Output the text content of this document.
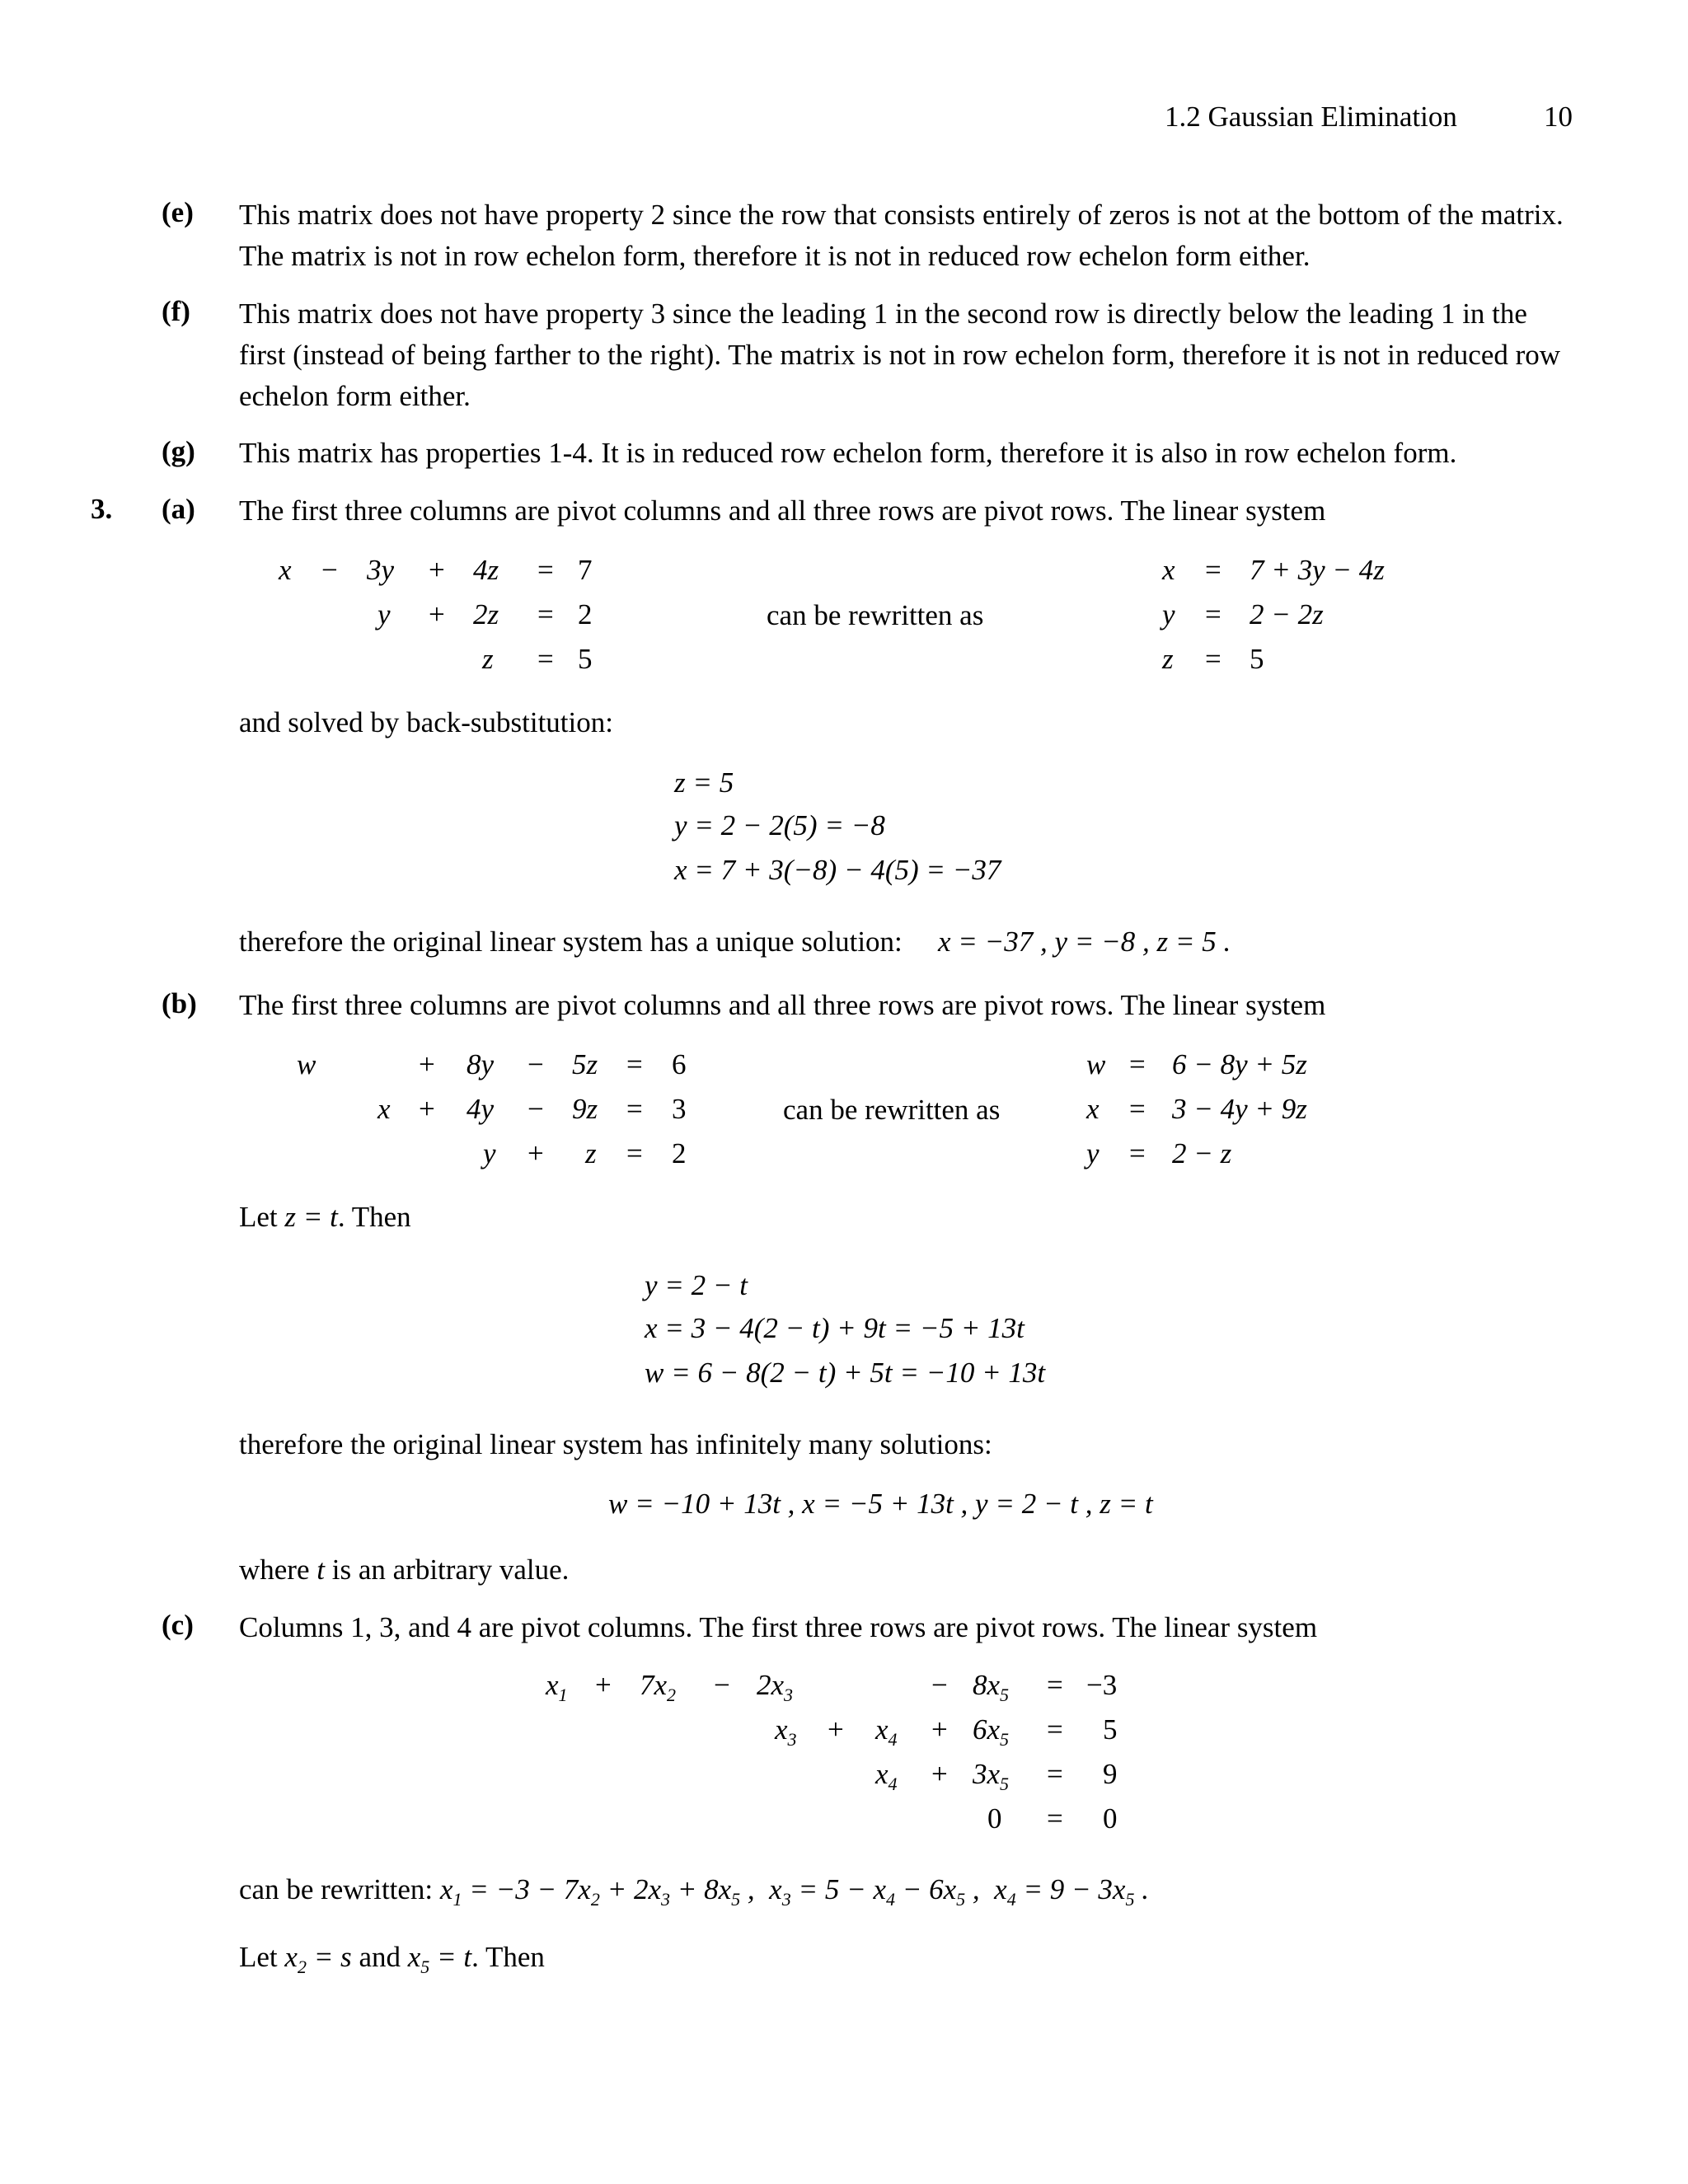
1.2 Gaussian Elimination	10
(e) This matrix does not have property 2 since the row that consists entirely of zeros is not at the bottom of the matrix. The matrix is not in row echelon form, therefore it is not in reduced row echelon form either.
(f) This matrix does not have property 3 since the leading 1 in the second row is directly below the leading 1 in the first (instead of being farther to the right). The matrix is not in row echelon form, therefore it is not in reduced row echelon form either.
(g) This matrix has properties 1-4. It is in reduced row echelon form, therefore it is also in row echelon form.
3. (a) The first three columns are pivot columns and all three rows are pivot rows. The linear system
x − 3y + 4z = 7
y + 2z = 2
z = 5
can be rewritten as
x = 7 + 3y − 4z
y = 2 − 2z
z = 5
and solved by back-substitution:
z = 5
y = 2 − 2(5) = −8
x = 7 + 3(−8) − 4(5) = −37
therefore the original linear system has a unique solution: x = −37 , y = −8 , z = 5 .
(b) The first three columns are pivot columns and all three rows are pivot rows. The linear system
w	+ 8y − 5z = 6
x + 4y − 9z = 3
y + z = 2
can be rewritten as
w = 6 − 8y + 5z
x = 3 − 4y + 9z
y = 2 − z
Let z = t. Then
y = 2 − t
x = 3 − 4(2 − t) + 9t = −5 + 13t
w = 6 − 8(2 − t) + 5t = −10 + 13t
therefore the original linear system has infinitely many solutions:
w = −10 + 13t , x = −5 + 13t , y = 2 − t , z = t
where t is an arbitrary value.
(c) Columns 1, 3, and 4 are pivot columns. The first three rows are pivot rows. The linear system
$x_1 + 7x_2 - 2x_3$	− $8x_5 = -3$
$x_3 + x_4 + 6x_5 = 5$
$x_4 + 3x_5 = 9$
0 = 0
can be rewritten: $x_1 = -3 - 7x_2 + 2x_3 + 8x_5$ ,  $x_3 = 5 - x_4 - 6x_5$ ,  $x_4 = 9 - 3x_5$ .
Let $x_2 = s$ and $x_5 = t$. Then
